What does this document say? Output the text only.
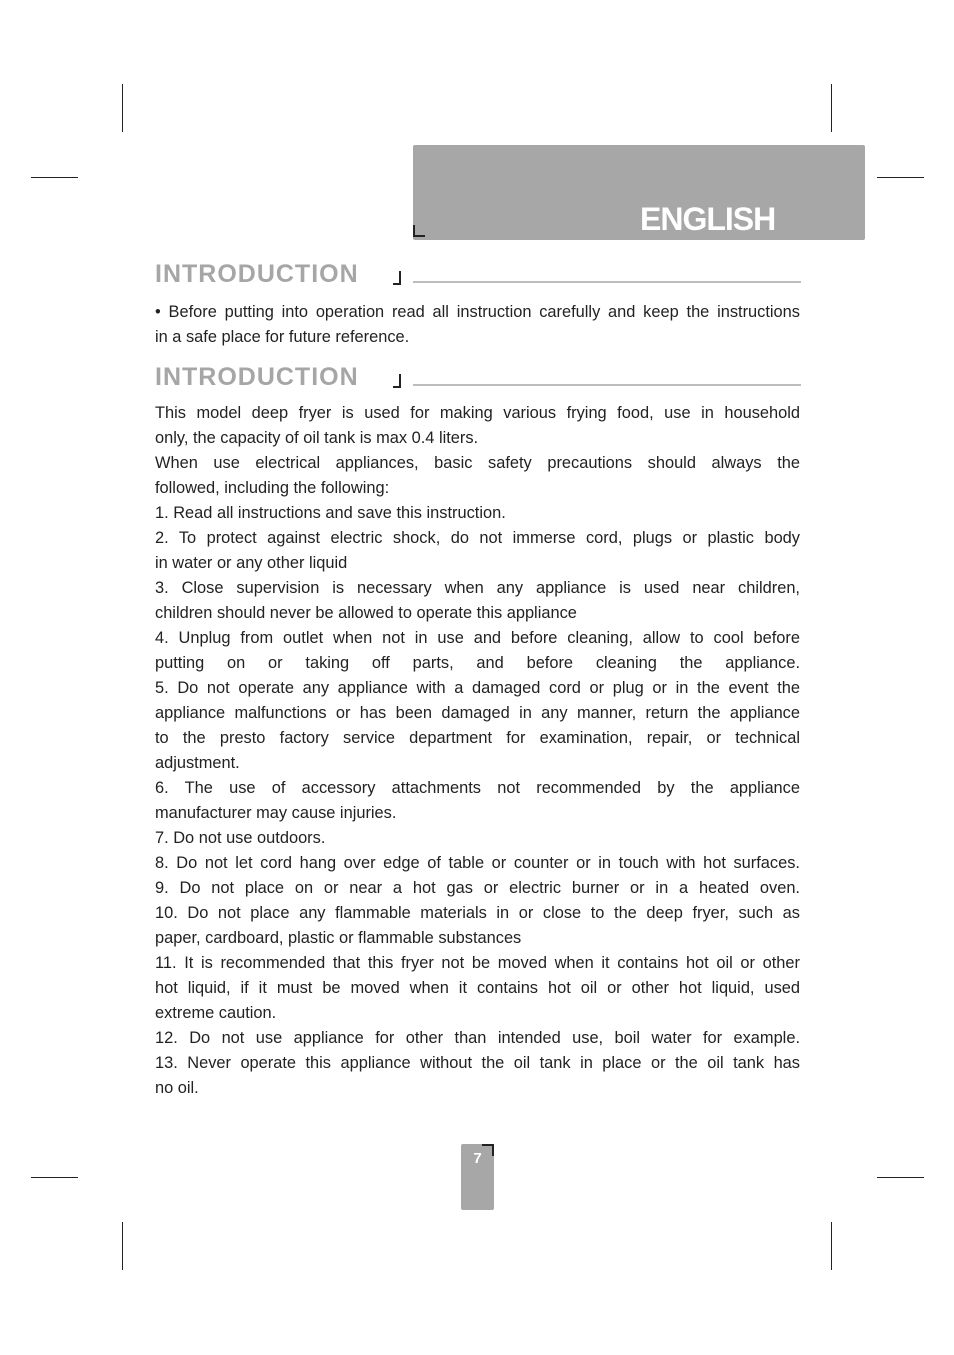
ENGLISH
INTRODUCTION
• Before putting into operation read all instruction carefully and keep the instructions
in a safe place for future reference.
INTRODUCTION
This model deep fryer is used for making various frying food, use in household
only, the capacity of oil tank is max 0.4 liters.
When use electrical appliances, basic safety precautions should always the
followed, including the following:
1. Read all instructions and save this instruction.
2. To protect against electric shock, do not immerse cord, plugs or plastic body
in water or any other liquid
3. Close supervision is necessary when any appliance is used near children,
children should never be allowed to operate this appliance
4. Unplug from outlet when not in use and before cleaning, allow to cool before
putting on or taking off parts, and before cleaning the appliance.
5. Do not operate any appliance with a damaged cord or plug or in the event the
appliance malfunctions or has been damaged in any manner, return the appliance
to the presto factory service department for examination, repair, or technical
adjustment.
6. The use of accessory attachments not recommended by the appliance
manufacturer may cause injuries.
7. Do not use outdoors.
8. Do not let cord hang over edge of table or counter or in touch with hot surfaces.
9. Do not place on or near a hot gas or electric burner or in a heated oven.
10. Do not place any flammable materials in or close to the deep fryer, such as
paper, cardboard, plastic or flammable substances
11. It is recommended that this fryer not be moved when it contains hot oil or other
hot liquid, if it must be moved when it contains hot oil or other hot liquid, used
extreme caution.
12. Do not use appliance for other than intended use, boil water for example.
13. Never operate this appliance without the oil tank in place or the oil tank has
no oil.
7
